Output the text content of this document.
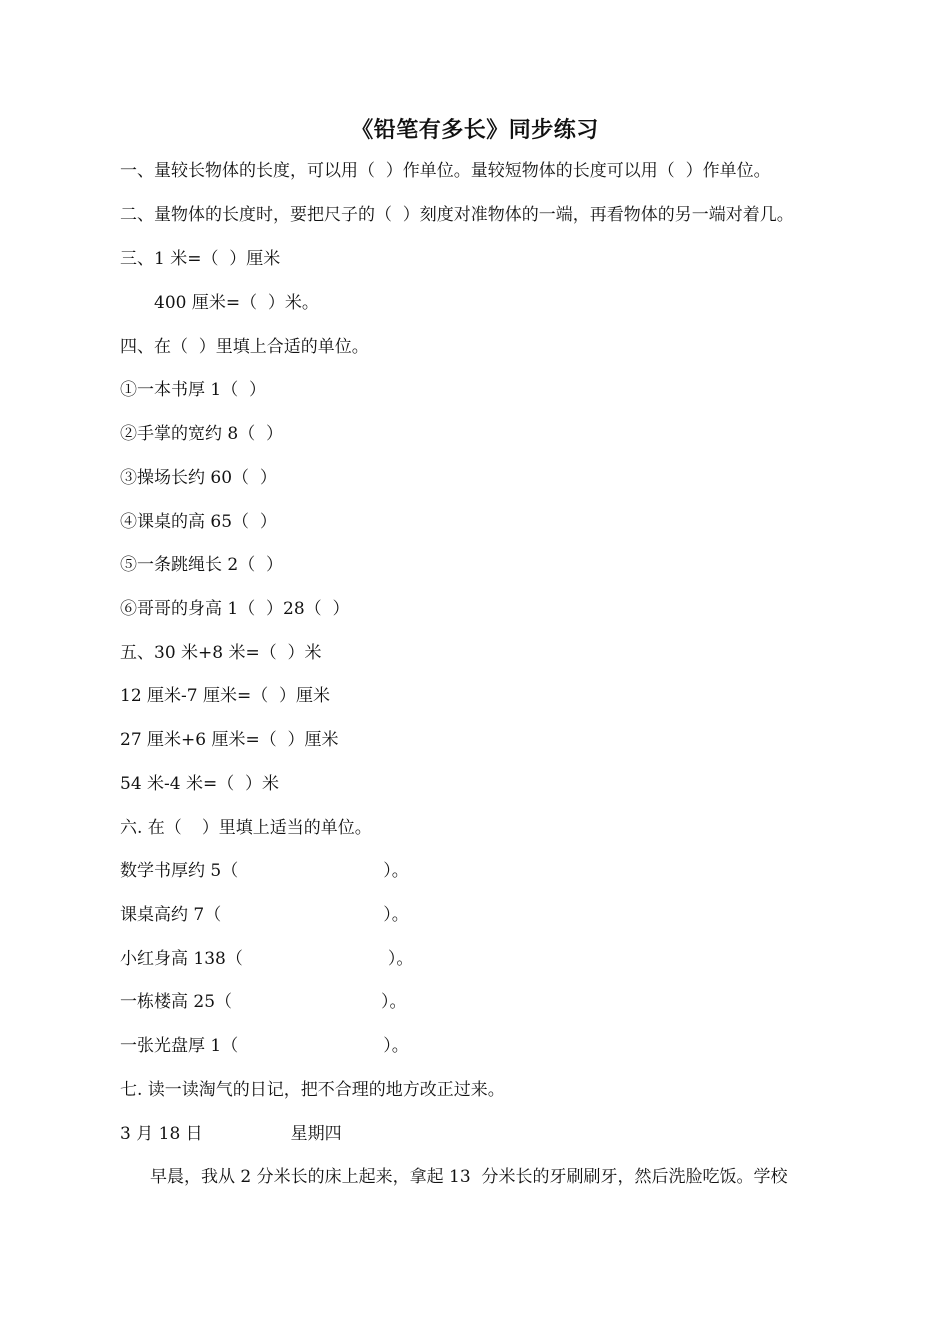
《铅笔有多长》同步练习
一、量较长物体的长度，可以用（  ）作单位。量较短物体的长度可以用（  ）作单位。
二、量物体的长度时，要把尺子的（  ）刻度对准物体的一端，再看物体的另一端对着几。
三、1 米=（  ）厘米
400 厘米=（  ）米。
四、在（  ）里填上合适的单位。
①一本书厚 1（  ）
②手掌的宽约 8（  ）
③操场长约 60（  ）
④课桌的高 65（  ）
⑤一条跳绳长 2（  ）
⑥哥哥的身高 1（  ）28（  ）
五、30 米+8 米=（  ）米
12 厘米-7 厘米=（  ）厘米
27 厘米+6 厘米=（  ）厘米
54 米-4 米=（  ）米
六. 在（ ）里填上适当的单位。
数学书厚约 5（	）。
课桌高约 7（	）。
小红身高 138（	）。
一栋楼高 25（	）。
一张光盘厚 1（	）。
七. 读一读淘气的日记，把不合理的地方改正过来。
3 月 18 日	星期四
早晨，我从 2 分米长的床上起来，拿起 13  分米长的牙刷刷牙，然后洗脸吃饭。学校
